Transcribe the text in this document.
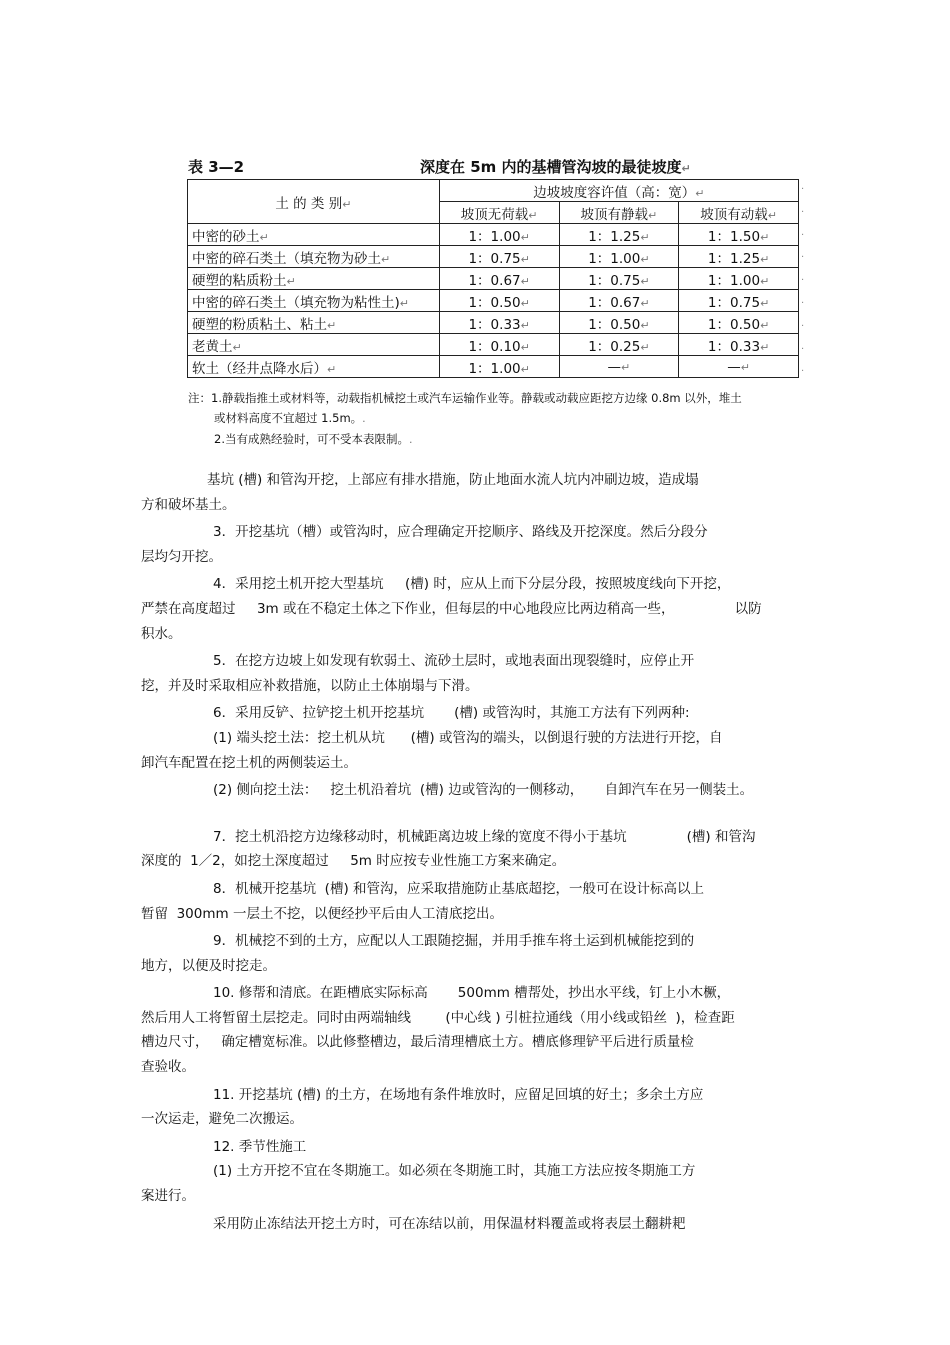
表 3—2	深度在 5m 内的基槽管沟坡的最徒坡度↵
土 的 类 别↵	边坡坡度容许值（高：宽）↵		
	坡顶无荷载↵	坡顶有静载↵	坡顶有动载↵
中密的砂土↵	1：1.00↵	1：1.25↵	1：1.50↵
中密的碎石类土（填充物为砂土↵	1：0.75↵	1：1.00↵	1：1.25↵
硬塑的粘质粉土↵	1：0.67↵	1：0.75↵	1：1.00↵
中密的碎石类土（填充物为粘性土)↵	1：0.50↵	1：0.67↵	1：0.75↵
硬塑的粉质粘土、粘土↵	1：0.33↵	1：0.50↵	1：0.50↵
老黄土↵	1：0.10↵	1：0.25↵	1：0.33↵
软土（经井点降水后）↵	1：1.00↵	—↵	—↵
.
.
.
.
.
.
.
.
.
注：1.静载指推土或材料等，动载指机械挖土或汽车运输作业等。静载或动载应距挖方边缘 0.8m 以外，堆土
或材料高度不宜超过 1.5m。.
2.当有成熟经验时，可不受本表限制。.
基坑 (槽) 和管沟开挖，上部应有排水措施，防止地面水流人坑内冲刷边坡，造成塌
方和破坏基土。
3．开挖基坑（槽）或管沟时，应合理确定开挖顺序、路线及开挖深度。然后分段分
层均匀开挖。
4．采用挖土机开挖大型基坑     (槽) 时，应从上而下分层分段，按照坡度线向下开挖，
严禁在高度超过     3m 或在不稳定土体之下作业，但每层的中心地段应比两边稍高一些，              以防
积水。
5．在挖方边坡上如发现有软弱土、流砂土层时，或地表面出现裂缝时，应停止开
挖，并及时采取相应补救措施，以防止土体崩塌与下滑。
6．采用反铲、拉铲挖土机开挖基坑       (槽) 或管沟时，其施工方法有下列两种:
(1) 端头挖土法：挖土机从坑      (槽) 或管沟的端头，以倒退行驶的方法进行开挖，自
卸汽车配置在挖土机的两侧装运土。
(2) 侧向挖土法：   挖土机沿着坑  (槽) 边或管沟的一侧移动，     自卸汽车在另一侧装土。
7．挖土机沿挖方边缘移动时，机械距离边坡上缘的宽度不得小于基坑              (槽) 和管沟
深度的  1／2，如挖土深度超过     5m 时应按专业性施工方案来确定。
8．机械开挖基坑  (槽) 和管沟，应采取措施防止基底超挖，一般可在设计标高以上
暂留  300mm 一层土不挖，以便经抄平后由人工清底挖出。
9．机械挖不到的土方，应配以人工跟随挖掘，并用手推车将土运到机械能挖到的
地方，以便及时挖走。
10. 修帮和清底。在距槽底实际标高       500mm 槽帮处，抄出水平线，钉上小木橛，
然后用人工将暂留土层挖走。同时由两端轴线        (中心线 ) 引桩拉通线（用小线或铅丝  )，检查距
槽边尺寸，   确定槽宽标准。以此修整槽边，最后清理槽底土方。槽底修理铲平后进行质量检
查验收。
11. 开挖基坑 (槽) 的土方，在场地有条件堆放时，应留足回填的好土；多余土方应
一次运走，避免二次搬运。
12. 季节性施工
(1) 土方开挖不宜在冬期施工。如必须在冬期施工时，其施工方法应按冬期施工方
案进行。
采用防止冻结法开挖土方时，可在冻结以前，用保温材料覆盖或将表层土翻耕耙
